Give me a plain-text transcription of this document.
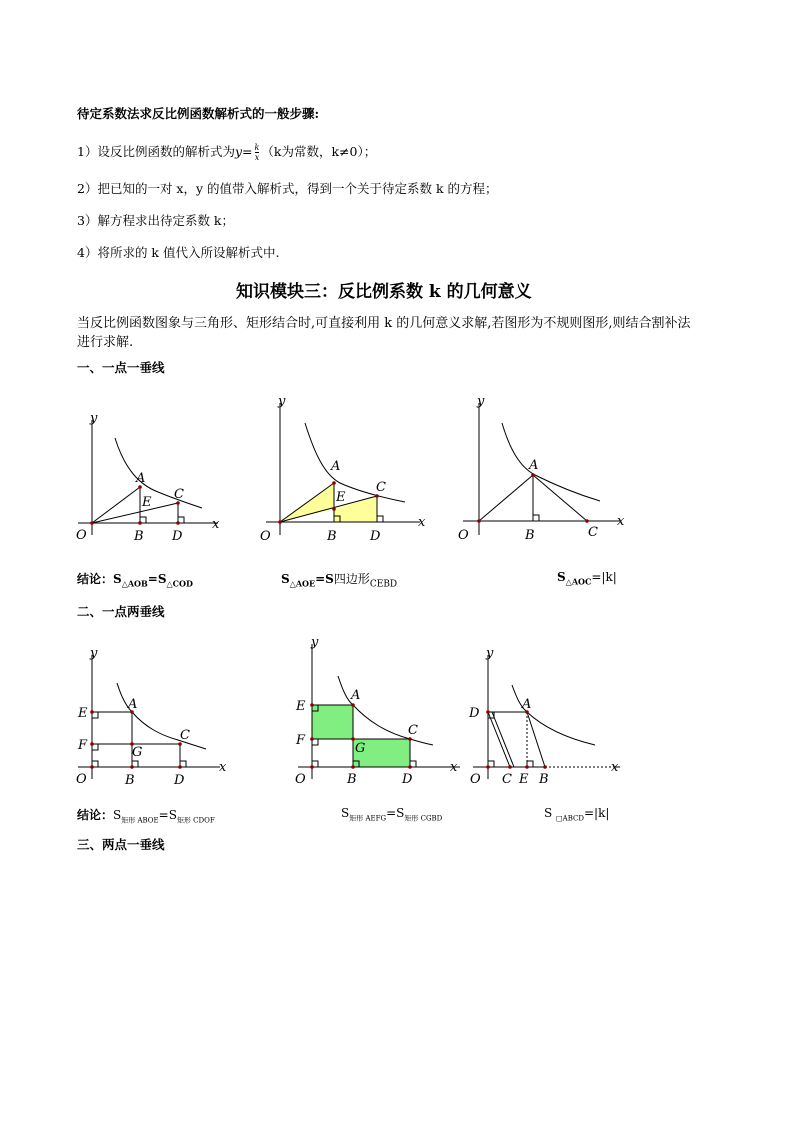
待定系数法求反比例函数解析式的一般步骤:
1）设反比例函数的解析式为$y= \frac{k}{x} (k$为常数，k≠0）；
2）把已知的一对 x，y 的值带入解析式，得到一个关于待定系数 k 的方程；
3）解方程求出待定系数 k；
4）将所求的 k 值代入所设解析式中.
知识模块三：反比例系数 k 的几何意义
当反比例函数图象与三角形、矩形结合时,可直接利用 k 的几何意义求解,若图形为不规则图形,则结合割补法
进行求解.
一、一点一垂线
y
x
O
A
E
B
C
D
y
x
O
A
E
B
C
D
y
x
O
A
B	C
结论：$S_{\triangle AOB}=S_{\triangle COD}$	$S_{\triangle AOE}=S$四边形$_{CEBD}$
$S_{\triangle AOC}=|k|$
二、一点两垂线
y
x
O
E
F
A
G
C
B	D
y
x
O
E
F
A
G
C
B	D
y
x
O
D
A
C E B
结论：$S_{矩形 ABOE}=S_{矩形 CDOF}$
$S_{矩形 AEFG}=S_{矩形 CGBD}$	S $_{□ABCD}$=|k|
三、两点一垂线
